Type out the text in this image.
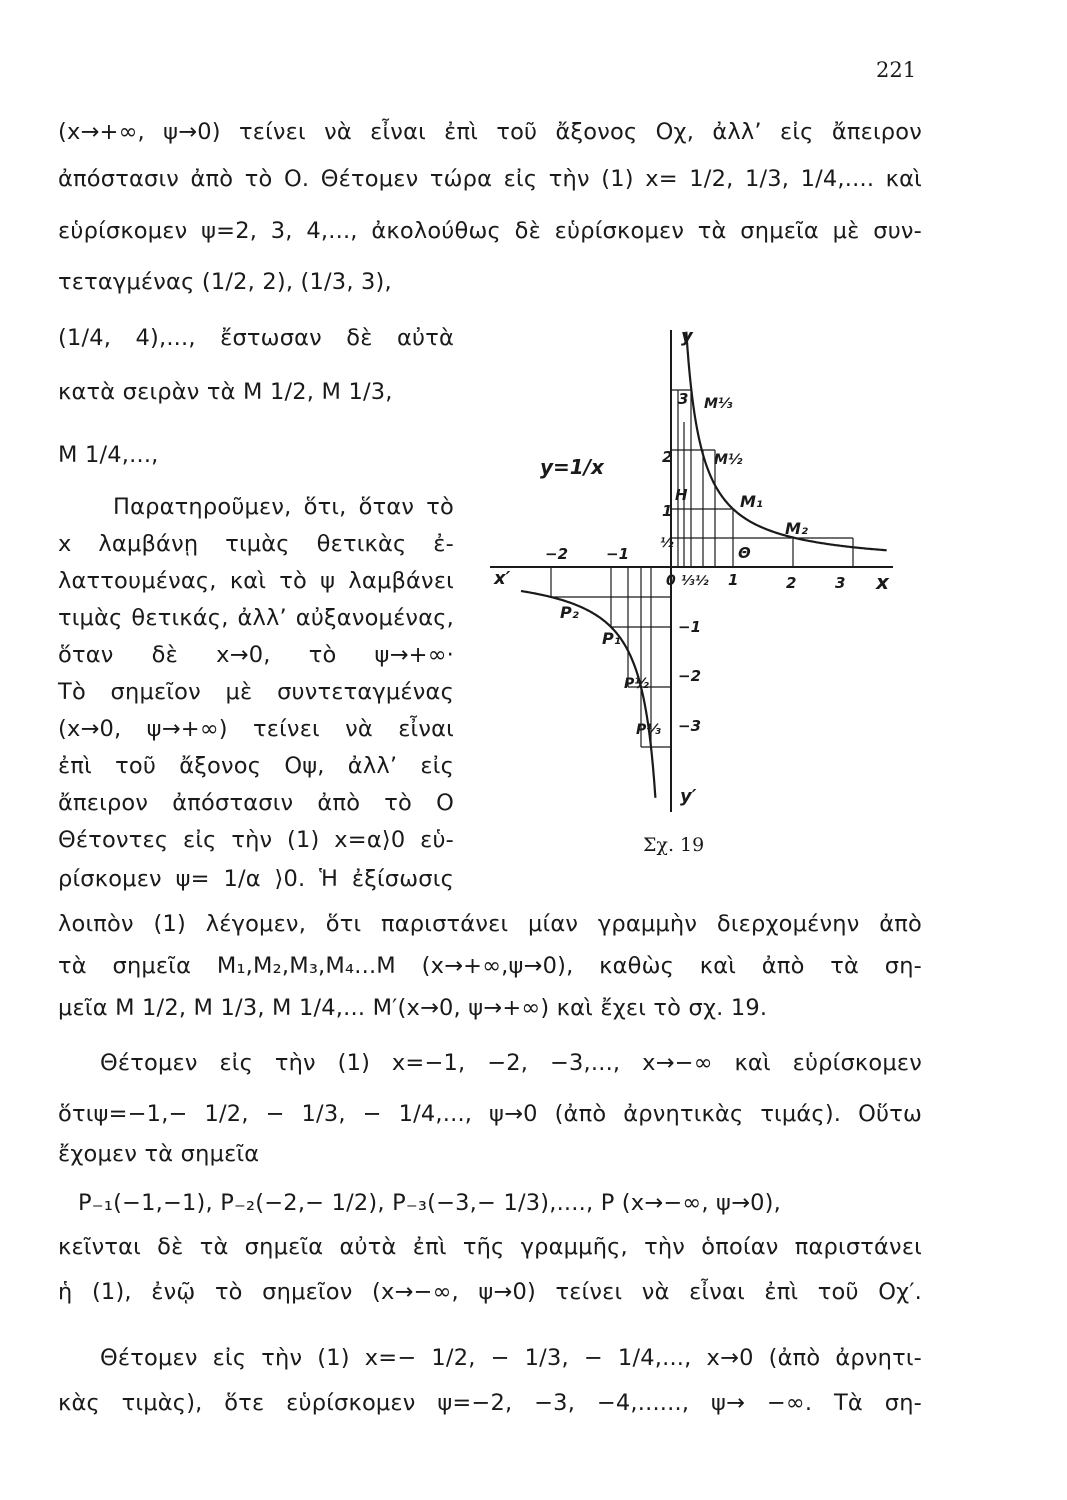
221
(x→+∞, ψ→0) τείνει νὰ εἶναι ἐπὶ τοῦ ἄξονος Οχ, ἀλλ’ εἰς ἄπειρον
ἀπόστασιν ἀπὸ τὸ Ο. Θέτομεν τώρα εἰς τὴν (1) x= 1/2, 1/3, 1/4,.... καὶ
εὑρίσκομεν ψ=2, 3, 4,..., ἀκολούθως δὲ εὑρίσκομεν τὰ σημεῖα μὲ συν-
τεταγμένας (1/2, 2), (1/3, 3),
(1/4, 4),..., ἔστωσαν δὲ αὐτὰ
κατὰ σειρὰν τὰ Μ 1/2, Μ 1/3,
Μ 1/4,...,
Παρατηροῦμεν, ὅτι, ὅταν τὸ
x λαμβάνῃ τιμὰς θετικὰς ἐ-
λαττουμένας, καὶ τὸ ψ λαμβάνει
τιμὰς θετικάς, ἀλλ’ αὐξανομένας,
ὅταν δὲ x→0, τὸ ψ→+∞·
Τὸ σημεῖον μὲ συντεταγμένας
(x→0, ψ→+∞) τείνει νὰ εἶναι
ἐπὶ τοῦ ἄξονος Οψ, ἀλλ’ εἰς
ἄπειρον ἀπόστασιν ἀπὸ τὸ Ο
Θέτοντες εἰς τὴν (1) x=α⟩0 εὑ-
ρίσκομεν ψ= 1/α ⟩0. Ἡ ἐξίσωσις
λοιπὸν (1) λέγομεν, ὅτι παριστάνει μίαν γραμμὴν διερχομένην ἀπὸ
τὰ σημεῖα Μ₁,Μ₂,Μ₃,Μ₄...Μ (x→+∞,ψ→0), καθὼς καὶ ἀπὸ τὰ ση-
μεῖα Μ 1/2, Μ 1/3, Μ 1/4,... Μ′(x→0, ψ→+∞) καὶ ἔχει τὸ σχ. 19.
Θέτομεν εἰς τὴν (1) x=−1, −2, −3,..., x→−∞ καὶ εὑρίσκομεν
ὅτιψ=−1,− 1/2, − 1/3, − 1/4,..., ψ→0 (ἀπὸ ἀρνητικὰς τιμάς). Οὕτω
ἔχομεν τὰ σημεῖα
P₋₁(−1,−1), P₋₂(−2,− 1/2), P₋₃(−3,− 1/3),...., P (x→−∞, ψ→0),
κεῖνται δὲ τὰ σημεῖα αὐτὰ ἐπὶ τῆς γραμμῆς, τὴν ὁποίαν παριστάνει
ἡ (1), ἐνῷ τὸ σημεῖον (x→−∞, ψ→0) τείνει νὰ εἶναι ἐπὶ τοῦ Οχ′.
Θέτομεν εἰς τὴν (1) x=− 1/2, − 1/3, − 1/4,..., x→0 (ἀπὸ ἀρνητι-
κὰς τιμὰς), ὅτε εὑρίσκομεν ψ=−2, −3, −4,......, ψ→ −∞. Τὰ ση-
y
x
x′
y′
0
y=1/x
−2	−1
⅓ ½ 1	2	3
3
2
1
½
−1
−2
−3
M⅓
M½
M₁
M₂
P₂
P₁
P½
P⅓
H
Θ
Σχ. 19
